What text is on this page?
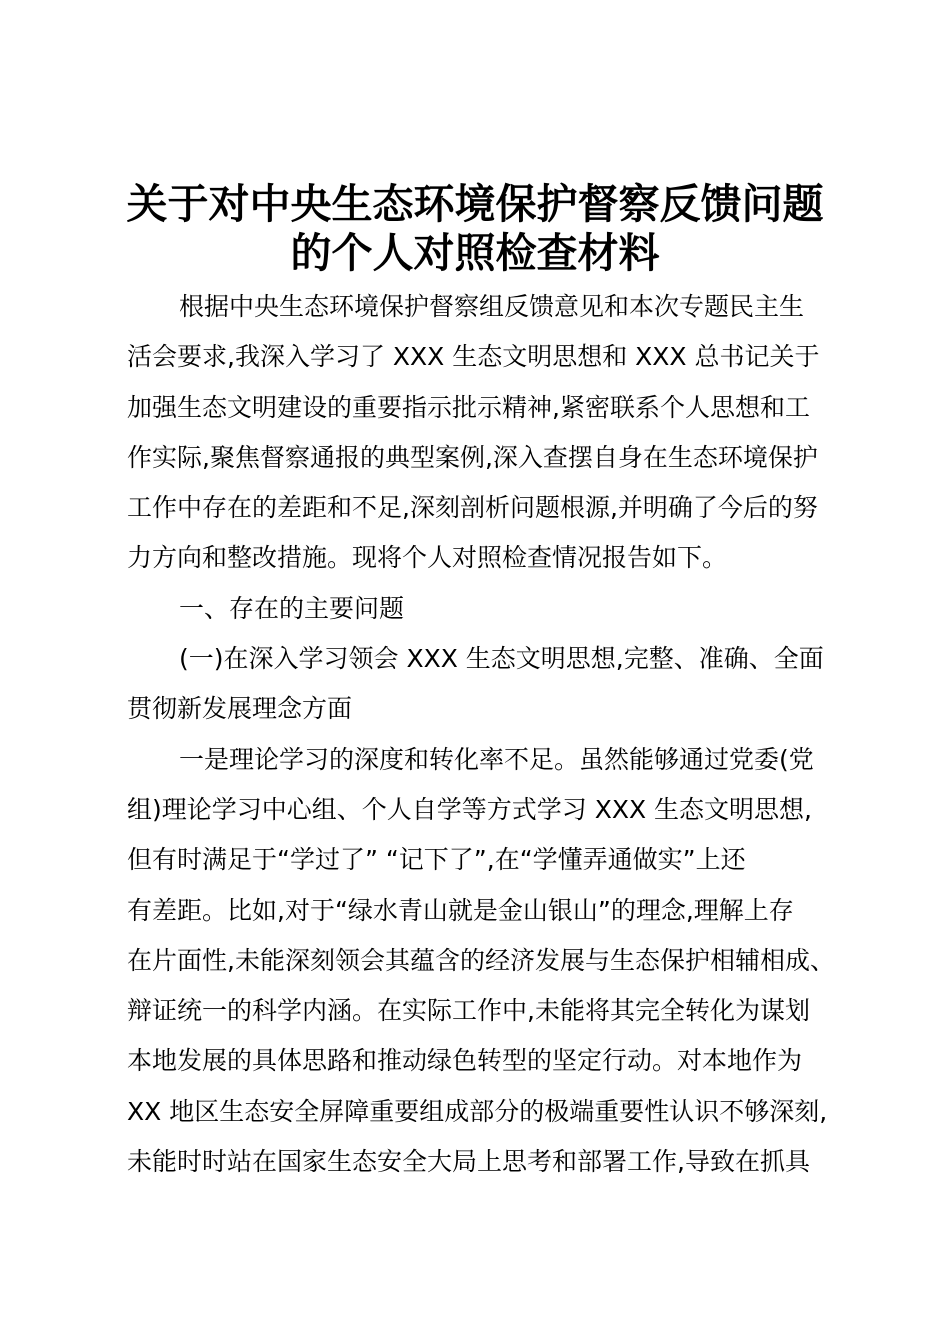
关于对中央生态环境保护督察反馈问题
的个人对照检查材料
根据中央生态环境保护督察组反馈意见和本次专题民主生
活会要求,我深入学习了 XXX 生态文明思想和 XXX 总书记关于
加强生态文明建设的重要指示批示精神,紧密联系个人思想和工
作实际,聚焦督察通报的典型案例,深入查摆自身在生态环境保护
工作中存在的差距和不足,深刻剖析问题根源,并明确了今后的努
力方向和整改措施。现将个人对照检查情况报告如下。
一、存在的主要问题
(一)在深入学习领会 XXX 生态文明思想,完整、准确、全面
贯彻新发展理念方面
一是理论学习的深度和转化率不足。虽然能够通过党委(党
组)理论学习中心组、个人自学等方式学习 XXX 生态文明思想,
但有时满足于“学过了” “记下了”,在“学懂弄通做实”上还
有差距。比如,对于“绿水青山就是金山银山”的理念,理解上存
在片面性,未能深刻领会其蕴含的经济发展与生态保护相辅相成、
辩证统一的科学内涵。在实际工作中,未能将其完全转化为谋划
本地发展的具体思路和推动绿色转型的坚定行动。对本地作为
XX 地区生态安全屏障重要组成部分的极端重要性认识不够深刻,
未能时时站在国家生态安全大局上思考和部署工作,导致在抓具
